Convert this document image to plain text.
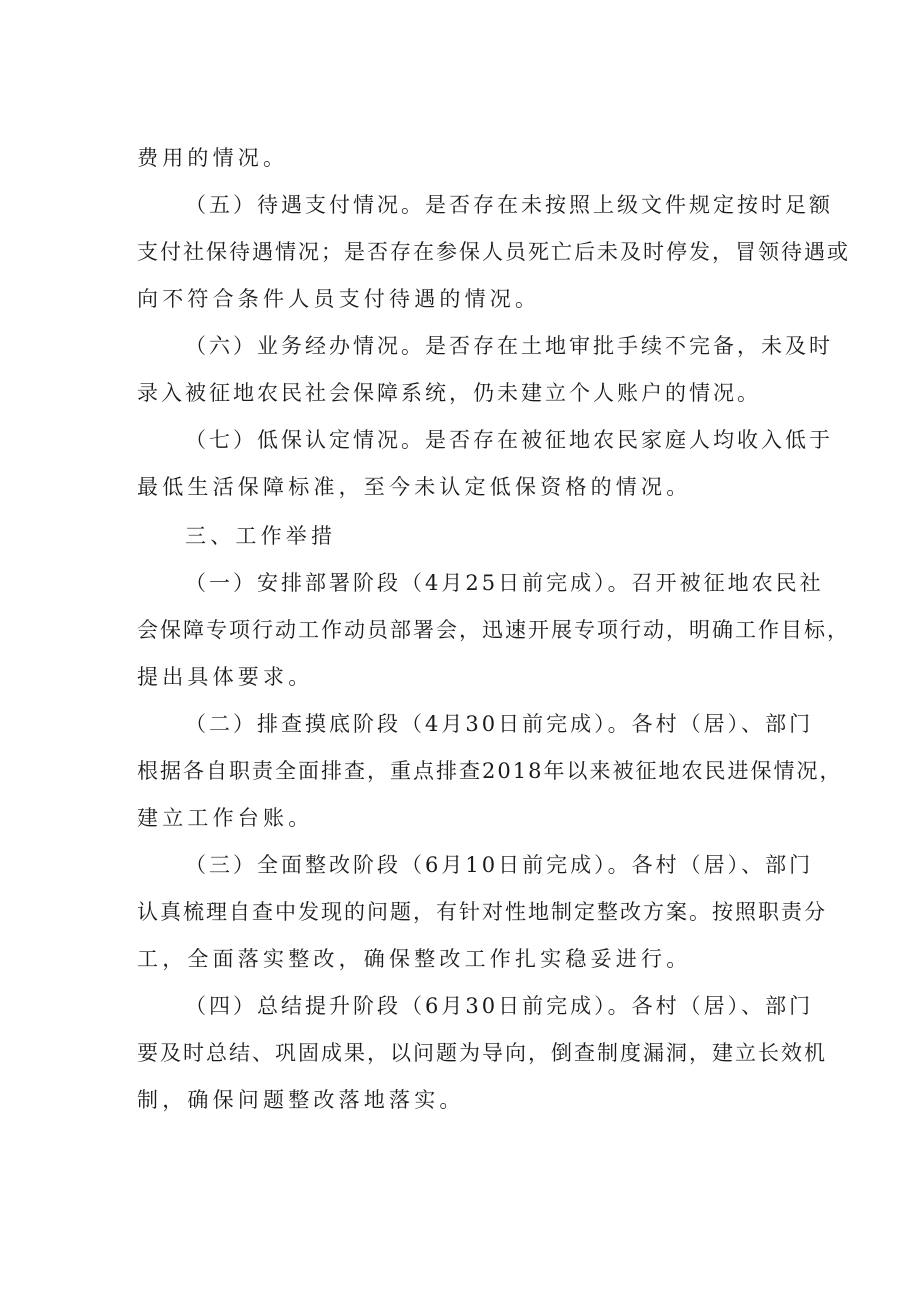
费用的情况。
（五）待遇支付情况。是否存在未按照上级文件规定按时足额
支付社保待遇情况；是否存在参保人员死亡后未及时停发，冒领待遇或
向不符合条件人员支付待遇的情况。
（六）业务经办情况。是否存在土地审批手续不完备，未及时
录入被征地农民社会保障系统，仍未建立个人账户的情况。
（七）低保认定情况。是否存在被征地农民家庭人均收入低于
最低生活保障标准，至今未认定低保资格的情况。
三、工作举措
（一）安排部署阶段（4月25日前完成）。召开被征地农民社
会保障专项行动工作动员部署会，迅速开展专项行动，明确工作目标，
提出具体要求。
（二）排查摸底阶段（4月30日前完成）。各村（居）、部门
根据各自职责全面排查，重点排查2018年以来被征地农民进保情况，
建立工作台账。
（三）全面整改阶段（6月10日前完成）。各村（居）、部门
认真梳理自查中发现的问题，有针对性地制定整改方案。按照职责分
工，全面落实整改，确保整改工作扎实稳妥进行。
（四）总结提升阶段（6月30日前完成）。各村（居）、部门
要及时总结、巩固成果，以问题为导向，倒查制度漏洞，建立长效机
制，确保问题整改落地落实。
